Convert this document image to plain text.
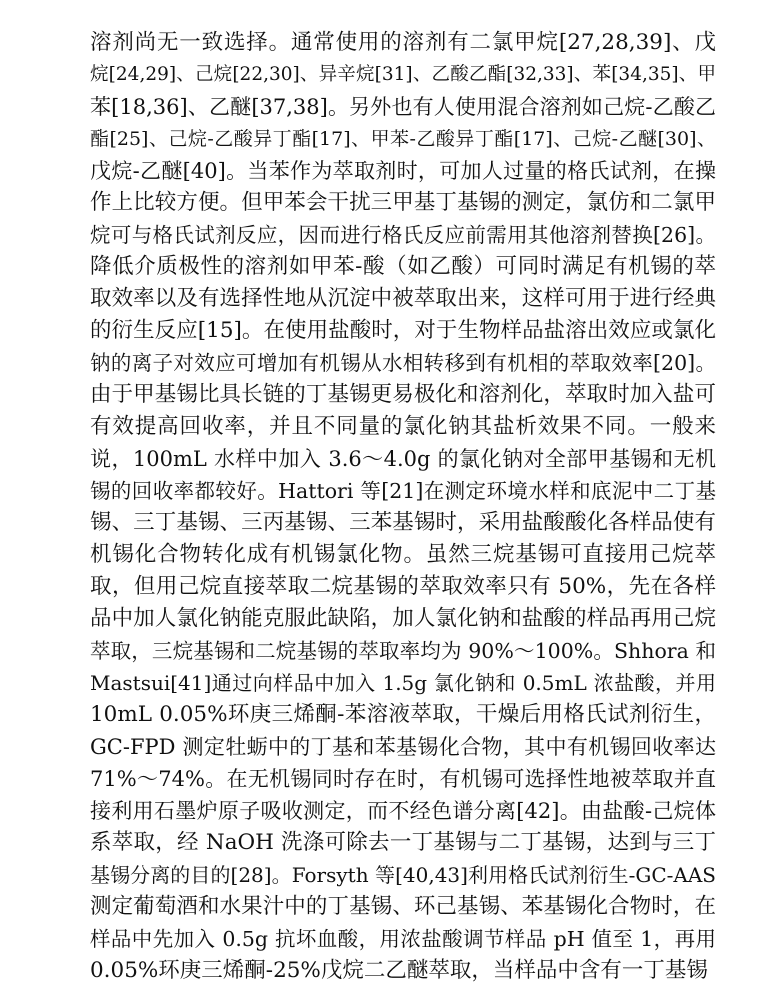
溶剂尚无一致选择。通常使用的溶剂有二氯甲烷[27,28,39]、戊
烷[24,29]、己烷[22,30]、异辛烷[31]、乙酸乙酯[32,33]、苯[34,35]、甲
苯[18,36]、乙醚[37,38]。另外也有人使用混合溶剂如己烷-乙酸乙
酯[25]、己烷-乙酸异丁酯[17]、甲苯-乙酸异丁酯[17]、己烷-乙醚[30]、
戊烷-乙醚[40]。当苯作为萃取剂时，可加人过量的格氏试剂，在操
作上比较方便。但甲苯会干扰三甲基丁基锡的测定，氯仿和二氯甲
烷可与格氏试剂反应，因而进行格氏反应前需用其他溶剂替换[26]。
降低介质极性的溶剂如甲苯-酸（如乙酸）可同时满足有机锡的萃
取效率以及有选择性地从沉淀中被萃取出来，这样可用于进行经典
的衍生反应[15]。在使用盐酸时，对于生物样品盐溶出效应或氯化
钠的离子对效应可增加有机锡从水相转移到有机相的萃取效率[20]。
由于甲基锡比具长链的丁基锡更易极化和溶剂化，萃取时加入盐可
有效提高回收率，并且不同量的氯化钠其盐析效果不同。一般来
说，100mL 水样中加入 3.6～4.0g 的氯化钠对全部甲基锡和无机
锡的回收率都较好。Hattori 等[21]在测定环境水样和底泥中二丁基
锡、三丁基锡、三丙基锡、三苯基锡时，采用盐酸酸化各样品使有
机锡化合物转化成有机锡氯化物。虽然三烷基锡可直接用己烷萃
取，但用己烷直接萃取二烷基锡的萃取效率只有 50%，先在各样
品中加人氯化钠能克服此缺陷，加人氯化钠和盐酸的样品再用己烷
萃取，三烷基锡和二烷基锡的萃取率均为 90%～100%。Shhora 和
Mastsui[41]通过向样品中加入 1.5g 氯化钠和 0.5mL 浓盐酸，并用
10mL 0.05%环庚三烯酮-苯溶液萃取，干燥后用格氏试剂衍生，
GC-FPD 测定牡蛎中的丁基和苯基锡化合物，其中有机锡回收率达
71%～74%。在无机锡同时存在时，有机锡可选择性地被萃取并直
接利用石墨炉原子吸收测定，而不经色谱分离[42]。由盐酸-己烷体
系萃取，经 NaOH 洗涤可除去一丁基锡与二丁基锡，达到与三丁
基锡分离的目的[28]。Forsyth 等[40,43]利用格氏试剂衍生-GC-AAS
测定葡萄酒和水果汁中的丁基锡、环己基锡、苯基锡化合物时，在
样品中先加入 0.5g 抗坏血酸，用浓盐酸调节样品 pH 值至 1，再用
0.05%环庚三烯酮-25%戊烷二乙醚萃取，当样品中含有一丁基锡
